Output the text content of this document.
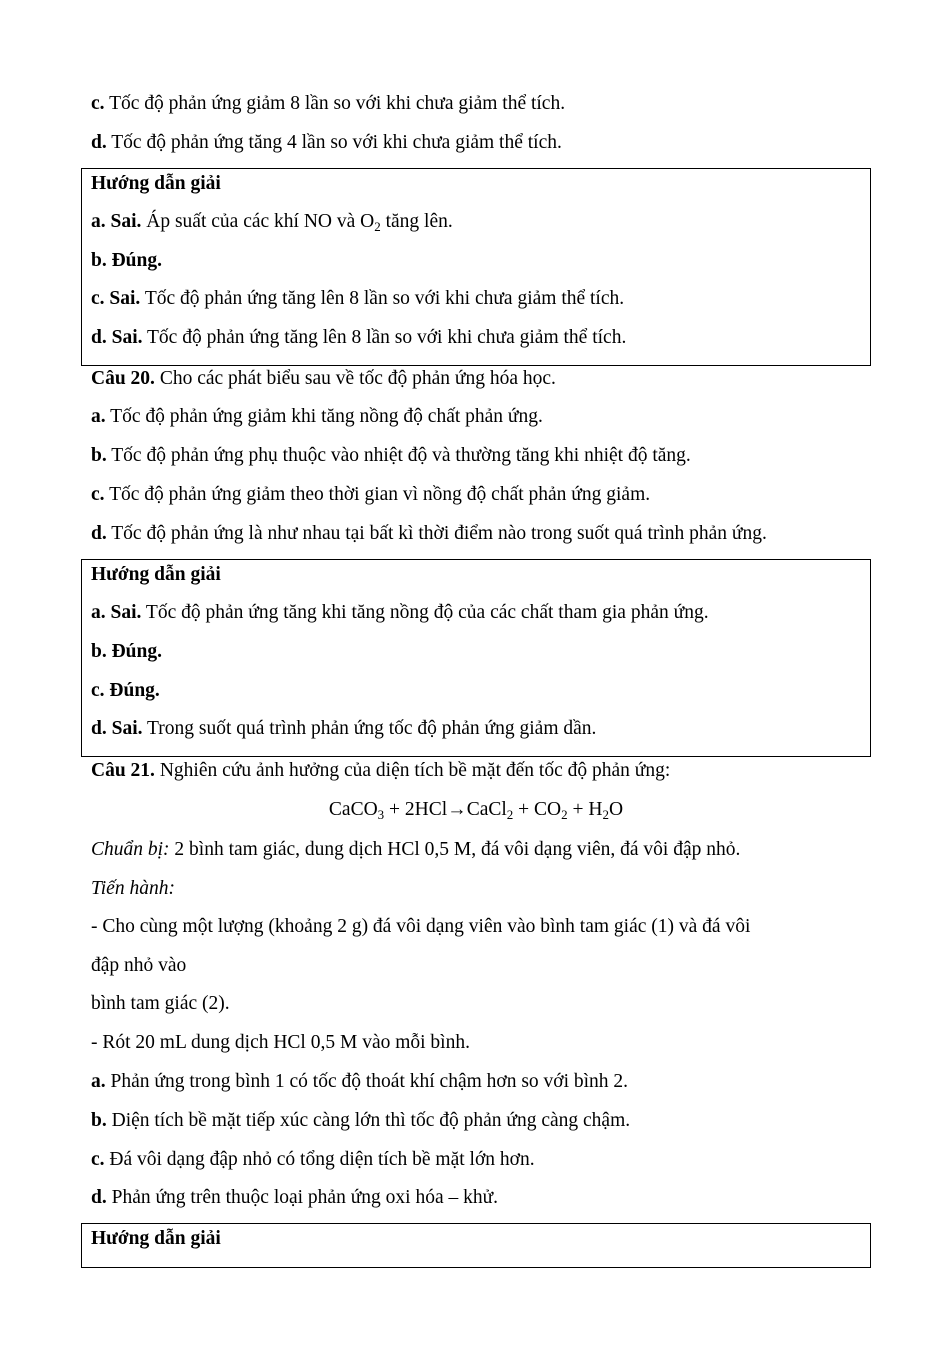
c. Tốc độ phản ứng giảm 8 lần so với khi chưa giảm thể tích.
d. Tốc độ phản ứng tăng 4 lần so với khi chưa giảm thể tích.
Hướng dẫn giải
a. Sai. Áp suất của các khí NO và $O_2$ tăng lên.
b. Đúng.
c. Sai. Tốc độ phản ứng tăng lên 8 lần so với khi chưa giảm thể tích.
d. Sai. Tốc độ phản ứng tăng lên 8 lần so với khi chưa giảm thể tích.
Câu 20. Cho các phát biểu sau về tốc độ phản ứng hóa học.
a. Tốc độ phản ứng giảm khi tăng nồng độ chất phản ứng.
b. Tốc độ phản ứng phụ thuộc vào nhiệt độ và thường tăng khi nhiệt độ tăng.
c. Tốc độ phản ứng giảm theo thời gian vì nồng độ chất phản ứng giảm.
d. Tốc độ phản ứng là như nhau tại bất kì thời điểm nào trong suốt quá trình phản ứng.
Hướng dẫn giải
a. Sai. Tốc độ phản ứng tăng khi tăng nồng độ của các chất tham gia phản ứng.
b. Đúng.
c. Đúng.
d. Sai. Trong suốt quá trình phản ứng tốc độ phản ứng giảm dần.
Câu 21. Nghiên cứu ảnh hưởng của diện tích bề mặt đến tốc độ phản ứng:
CaCO$_3$ + 2HCl→CaCl$_2$ + $CO_2 + H_2O$
Chuẩn bị: 2 bình tam giác, dung dịch HCl 0,5 M, đá vôi dạng viên, đá vôi đập nhỏ.
Tiến hành:
- Cho cùng một lượng (khoảng 2 g) đá vôi dạng viên vào bình tam giác (1) và đá vôi
đập nhỏ vào
bình tam giác (2).
- Rót 20 mL dung dịch HCl 0,5 M vào mỗi bình.
a. Phản ứng trong bình 1 có tốc độ thoát khí chậm hơn so với bình 2.
b. Diện tích bề mặt tiếp xúc càng lớn thì tốc độ phản ứng càng chậm.
c. Đá vôi dạng đập nhỏ có tổng diện tích bề mặt lớn hơn.
d. Phản ứng trên thuộc loại phản ứng oxi hóa – khử.
Hướng dẫn giải
